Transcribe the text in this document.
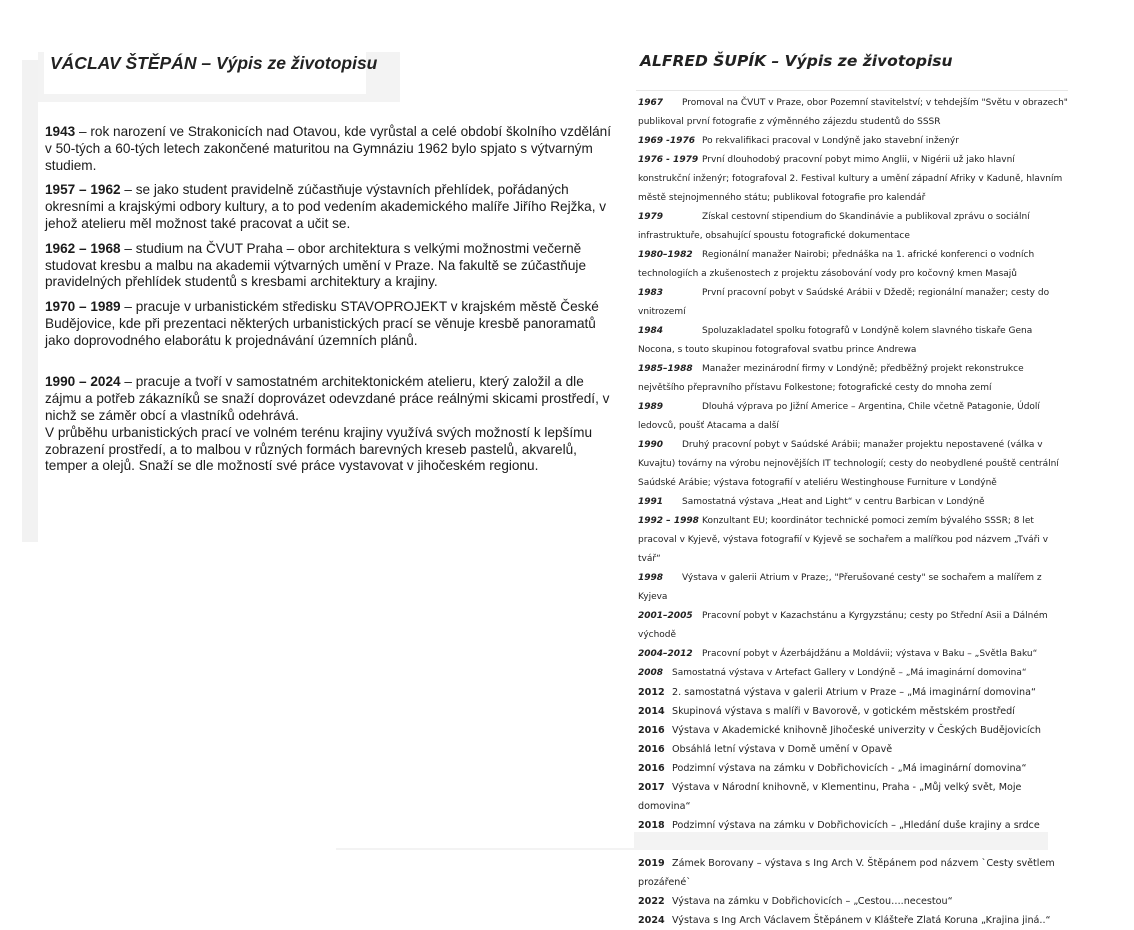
VÁCLAV ŠTĚPÁN – Výpis ze životopisu

1943 – rok narození ve Strakonicích nad Otavou, kde vyrůstal a celé období školního vzdělání v 50-tých a 60-tých letech zakončené maturitou na Gymnáziu 1962 bylo spjato s výtvarným studiem.

1957 – 1962 – se jako student pravidelně zúčastňuje výstavních přehlídek, pořádaných okresními a krajskými odbory kultury, a to pod vedením akademického malíře Jiřího Rejžka, v jehož atelieru měl možnost také pracovat a učit se.

1962 – 1968 – studium na ČVUT Praha – obor architektura s velkými možnostmi večerně studovat kresbu a malbu na akademii výtvarných umění v Praze. Na fakultě se zúčastňuje pravidelných přehlídek studentů s kresbami architektury a krajiny.

1970 – 1989 – pracuje v urbanistickém středisku STAVOPROJEKT v krajském městě České Budějovice, kde při prezentaci některých urbanistických prací se věnuje kresbě panoramatů jako doprovodného elaborátu k projednávání územních plánů.

1990 – 2024 – pracuje a tvoří v samostatném architektonickém atelieru, který založil a dle zájmu a potřeb zákazníků se snaží doprovázet odevzdané práce reálnými skicami prostředí, v nichž se záměr obcí a vlastníků odehrává.
V průběhu urbanistických prací ve volném terénu krajiny využívá svých možností k lepšímu zobrazení prostředí, a to malbou v různých formách barevných kreseb pastelů, akvarelů, temper a olejů. Snaží se dle možností své práce vystavovat v jihočeském regionu.

ALFRED ŠUPÍK – Výpis ze životopisu
1967 Promoval na ČVUT v Praze, obor Pozemní stavitelství; v tehdejším "Světu v obrazech" publikoval první fotografie z výměnného zájezdu studentů do SSSR
1969 -1976 Po rekvalifikaci pracoval v Londýně jako stavební inženýr
1976 - 1979 První dlouhodobý pracovní pobyt mimo Anglii, v Nigérii už jako hlavní konstrukční inženýr; fotografoval 2. Festival kultury a umění západní Afriky v Kaduně, hlavním městě stejnojmenného státu; publikoval fotografie pro kalendář
1979	Získal cestovní stipendium do Skandinávie a publikoval zprávu o sociální infrastruktuře, obsahující spoustu fotografické dokumentace
1980–1982 Regionální manažer Nairobi; přednáška na 1. africké konferenci o vodních technologiích a zkušenostech z projektu zásobování vody pro kočovný kmen Masajů
1983	První pracovní pobyt v Saúdské Arábii v Džedě; regionální manažer; cesty do vnitrozemí
1984	Spoluzakladatel spolku fotografů v Londýně kolem slavného tiskaře Gena Nocona, s touto skupinou fotografoval svatbu prince Andrewa
1985–1988 Manažer mezinárodní firmy v Londýně; předběžný projekt rekonstrukce největšího přepravního přístavu Folkestone; fotografické cesty do mnoha zemí
1989	Dlouhá výprava po Jižní Americe – Argentina, Chile včetně Patagonie, Údolí ledovců, poušť Atacama a další
1990 Druhý pracovní pobyt v Saúdské Arábii; manažer projektu nepostavené (válka v Kuvajtu) továrny na výrobu nejnovějších IT technologií; cesty do neobydlené pouště centrální Saúdské Arábie; výstava fotografií v ateliéru Westinghouse Furniture v Londýně
1991 Samostatná výstava „Heat and Light“ v centru Barbican v Londýně
1992 – 1998 Konzultant EU; koordinátor technické pomoci zemím bývalého SSSR; 8 let pracoval v Kyjevě, výstava fotografií v Kyjevě se sochařem a malířkou pod názvem „Tváři v tvář“
1998 Výstava v galerii Atrium v Praze;, "Přerušované cesty" se sochařem a malířem z Kyjeva
2001–2005 Pracovní pobyt v Kazachstánu a Kyrgyzstánu; cesty po Střední Asii a Dálném východě
2004–2012 Pracovní pobyt v Ázerbájdžánu a Moldávii; výstava v Baku – „Světla Baku“
2008 Samostatná výstava v Artefact Gallery v Londýně – „Má imaginární domovina“
2012 2. samostatná výstava v galerii Atrium v Praze – „Má imaginární domovina“
2014 Skupinová výstava s malíři v Bavorově, v gotickém městském prostředí
2016 Výstava v Akademické knihovně Jihočeské univerzity v Českých Budějovicích
2016 Obsáhlá letní výstava v Domě umění v Opavě
2016 Podzimní výstava na zámku v Dobřichovicích - „Má imaginární domovina“
2017 Výstava v Národní knihovně, v Klementinu, Praha - „Můj velký svět, Moje domovina“
2018 Podzimní výstava na zámku v Dobřichovicích – „Hledání duše krajiny a srdce
2019 Zámek Borovany – výstava s Ing Arch V. Štěpánem pod názvem `Cesty světlem prozářené`
2022 Výstava na zámku v Dobřichovicích – „Cestou….necestou“
2024 Výstava s Ing Arch Václavem Štěpánem v Klášteře Zlatá Koruna „Krajina jiná..“
